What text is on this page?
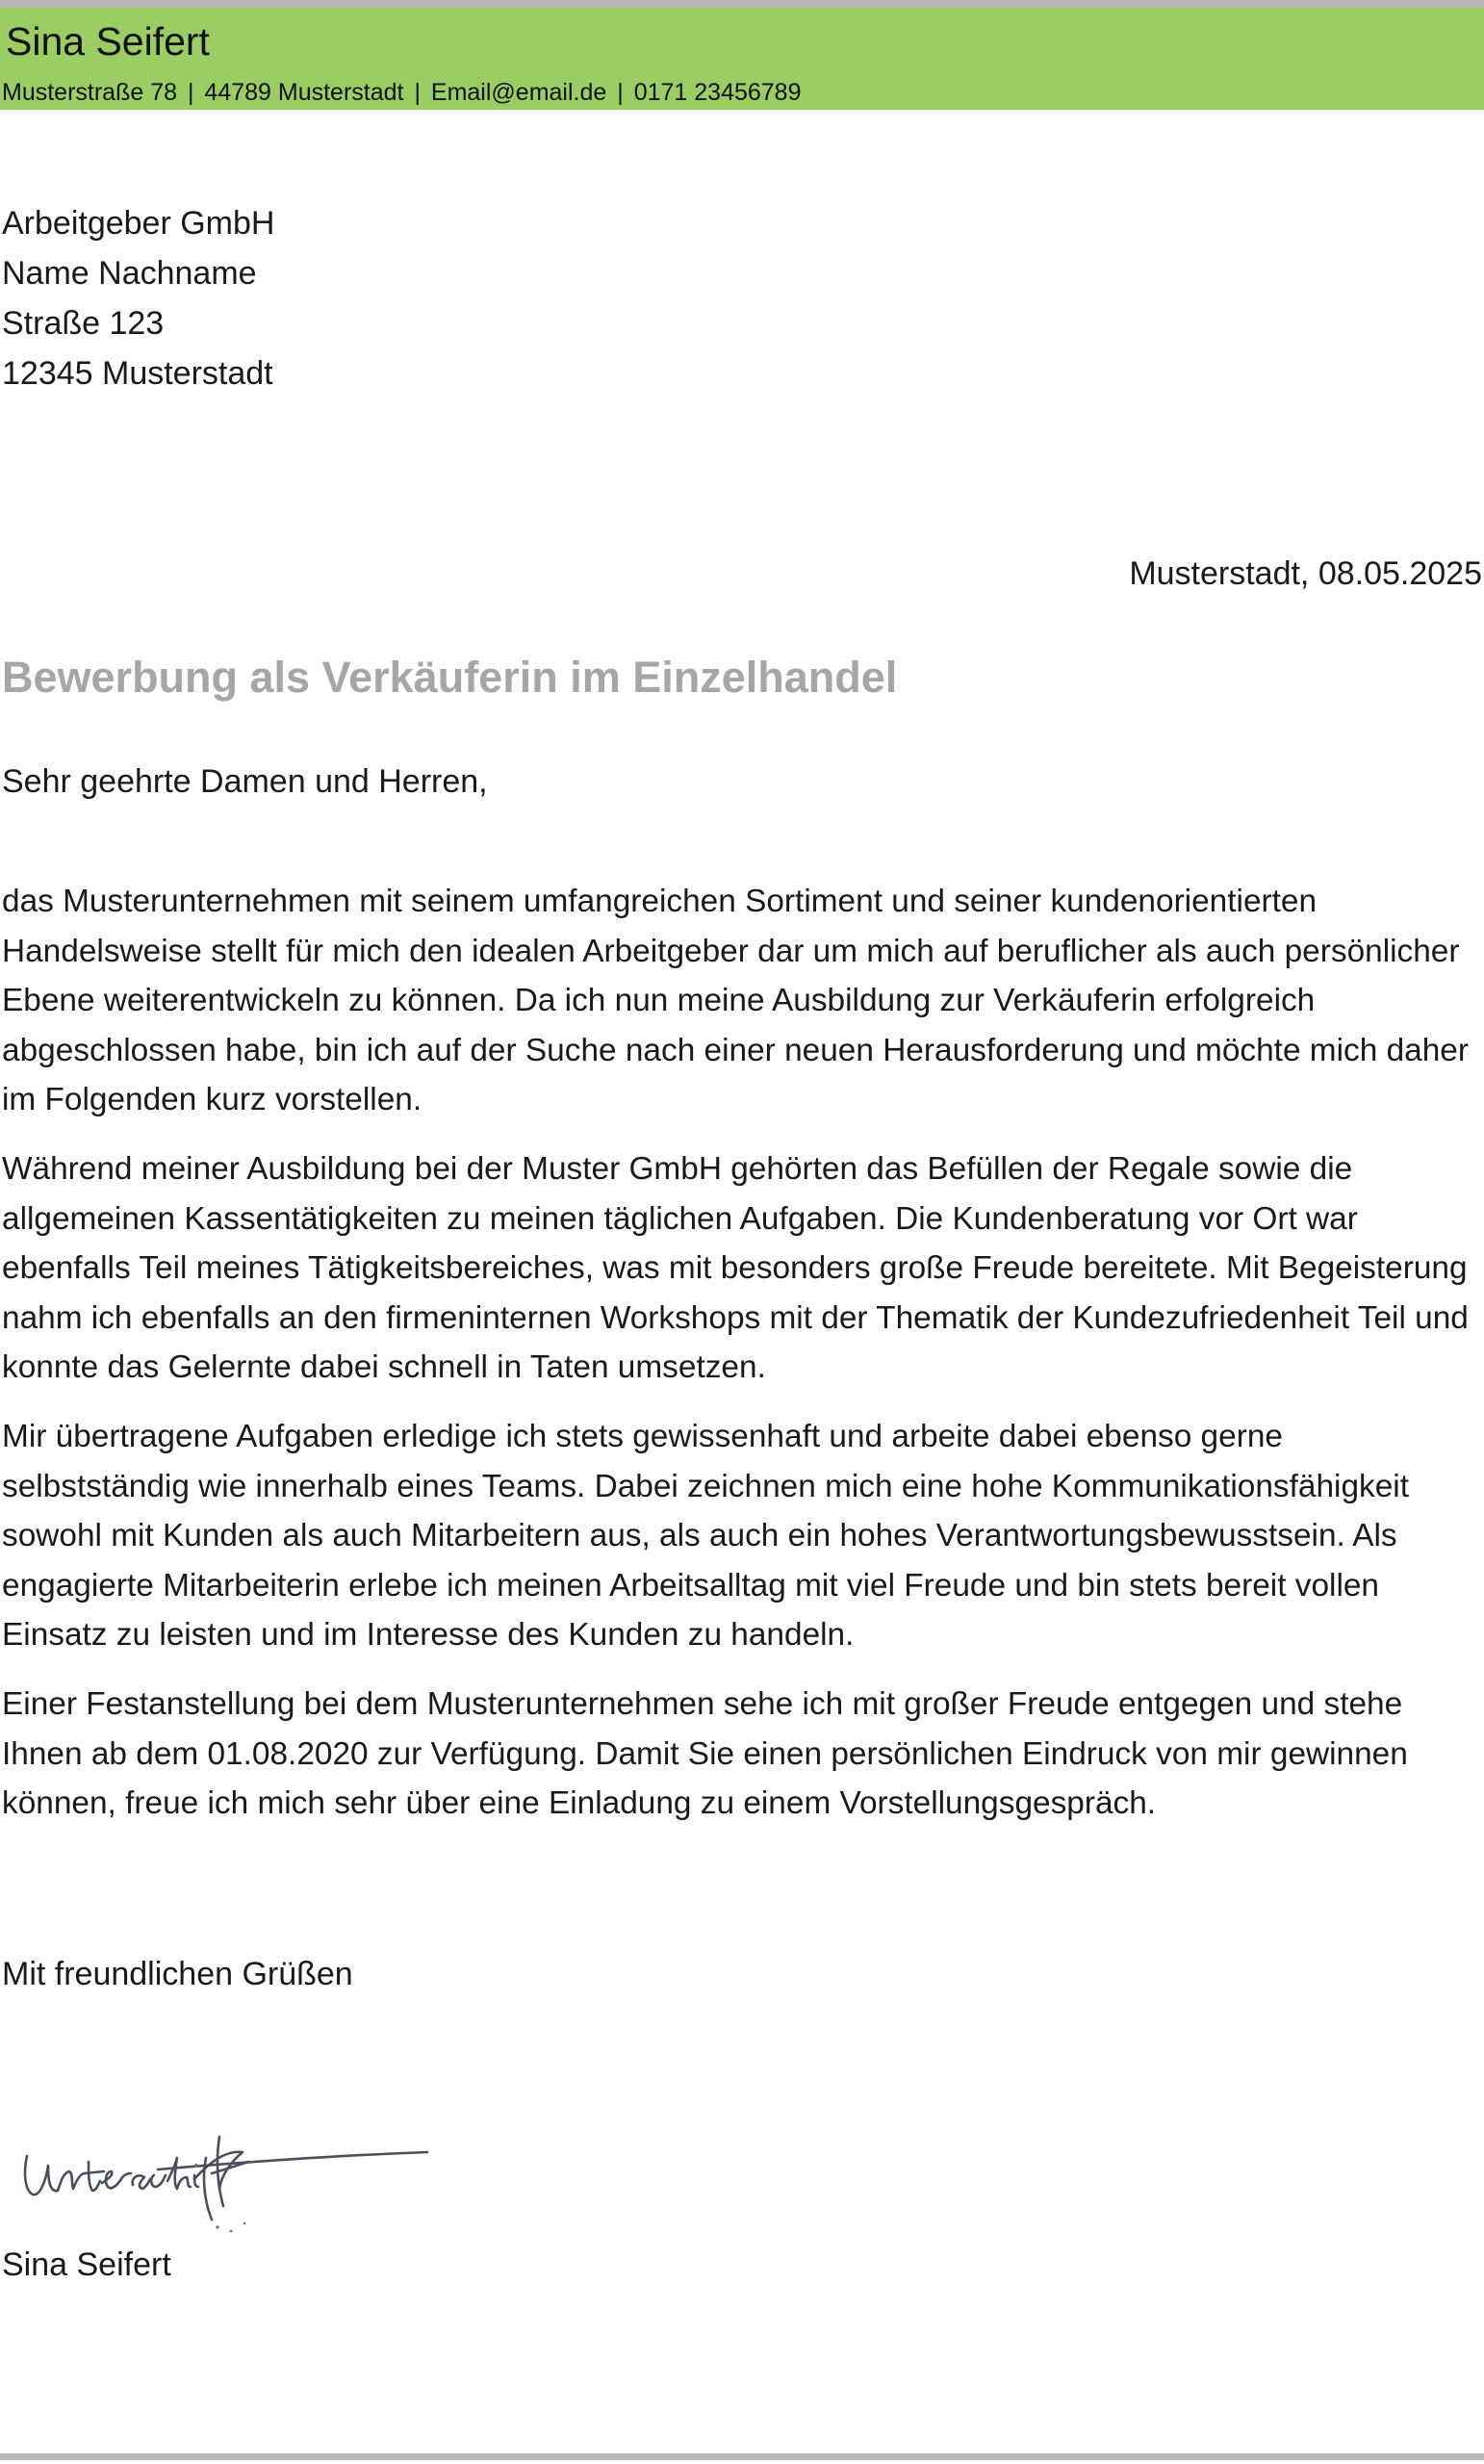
Sina Seifert
Musterstraße 78 | 44789 Musterstadt | Email@email.de | 0171 23456789
Arbeitgeber GmbH
Name Nachname
Straße 123
12345 Musterstadt
Musterstadt, 08.05.2025
Bewerbung als Verkäuferin im Einzelhandel
Sehr geehrte Damen und Herren,

das Musterunternehmen mit seinem umfangreichen Sortiment und seiner kundenorientierten Handelsweise stellt für mich den idealen Arbeitgeber dar um mich auf beruflicher als auch persönlicher Ebene weiterentwickeln zu können. Da ich nun meine Ausbildung zur Verkäuferin erfolgreich abgeschlossen habe, bin ich auf der Suche nach einer neuen Herausforderung und möchte mich daher im Folgenden kurz vorstellen.

Während meiner Ausbildung bei der Muster GmbH gehörten das Befüllen der Regale sowie die allgemeinen Kassentätigkeiten zu meinen täglichen Aufgaben. Die Kundenberatung vor Ort war ebenfalls Teil meines Tätigkeitsbereiches, was mit besonders große Freude bereitete. Mit Begeisterung nahm ich ebenfalls an den firmeninternen Workshops mit der Thematik der Kundezufriedenheit Teil und konnte das Gelernte dabei schnell in Taten umsetzen.

Mir übertragene Aufgaben erledige ich stets gewissenhaft und arbeite dabei ebenso gerne selbstständig wie innerhalb eines Teams. Dabei zeichnen mich eine hohe Kommunikationsfähigkeit sowohl mit Kunden als auch Mitarbeitern aus, als auch ein hohes Verantwortungsbewusstsein. Als engagierte Mitarbeiterin erlebe ich meinen Arbeitsalltag mit viel Freude und bin stets bereit vollen Einsatz zu leisten und im Interesse des Kunden zu handeln.

Einer Festanstellung bei dem Musterunternehmen sehe ich mit großer Freude entgegen und stehe Ihnen ab dem 01.08.2020 zur Verfügung. Damit Sie einen persönlichen Eindruck von mir gewinnen können, freue ich mich sehr über eine Einladung zu einem Vorstellungsgespräch.

Mit freundlichen Grüßen
Sina Seifert
